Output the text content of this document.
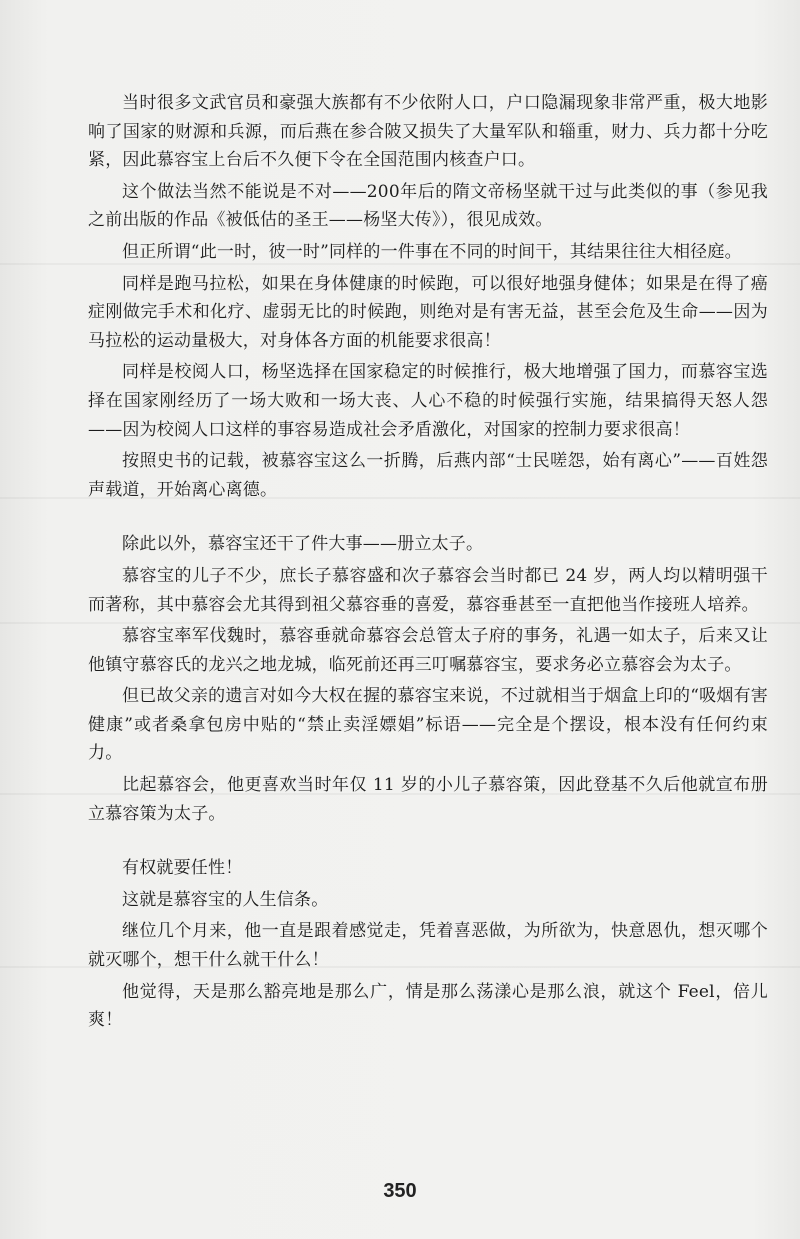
当时很多文武官员和豪强大族都有不少依附人口，户口隐漏现象非常严重，极大地影响了国家的财源和兵源，而后燕在参合陂又损失了大量军队和辎重，财力、兵力都十分吃紧，因此慕容宝上台后不久便下令在全国范围内核查户口。

这个做法当然不能说是不对——200年后的隋文帝杨坚就干过与此类似的事（参见我之前出版的作品《被低估的圣王——杨坚大传》），很见成效。

但正所谓“此一时，彼一时”同样的一件事在不同的时间干，其结果往往大相径庭。

同样是跑马拉松，如果在身体健康的时候跑，可以很好地强身健体；如果是在得了癌症刚做完手术和化疗、虚弱无比的时候跑，则绝对是有害无益，甚至会危及生命——因为马拉松的运动量极大，对身体各方面的机能要求很高！

同样是校阅人口，杨坚选择在国家稳定的时候推行，极大地增强了国力，而慕容宝选择在国家刚经历了一场大败和一场大丧、人心不稳的时候强行实施，结果搞得天怒人怨——因为校阅人口这样的事容易造成社会矛盾激化，对国家的控制力要求很高！

按照史书的记载，被慕容宝这么一折腾，后燕内部“士民嗟怨，始有离心”——百姓怨声载道，开始离心离德。

除此以外，慕容宝还干了件大事——册立太子。

慕容宝的儿子不少，庶长子慕容盛和次子慕容会当时都已 24 岁，两人均以精明强干而著称，其中慕容会尤其得到祖父慕容垂的喜爱，慕容垂甚至一直把他当作接班人培养。

慕容宝率军伐魏时，慕容垂就命慕容会总管太子府的事务，礼遇一如太子，后来又让他镇守慕容氏的龙兴之地龙城，临死前还再三叮嘱慕容宝，要求务必立慕容会为太子。

但已故父亲的遗言对如今大权在握的慕容宝来说，不过就相当于烟盒上印的“吸烟有害健康”或者桑拿包房中贴的“禁止卖淫嫖娼”标语——完全是个摆设，根本没有任何约束力。

比起慕容会，他更喜欢当时年仅 11 岁的小儿子慕容策，因此登基不久后他就宣布册立慕容策为太子。

有权就要任性！

这就是慕容宝的人生信条。

继位几个月来，他一直是跟着感觉走，凭着喜恶做，为所欲为，快意恩仇，想灭哪个就灭哪个，想干什么就干什么！

他觉得，天是那么豁亮地是那么广，情是那么荡漾心是那么浪，就这个 Feel，倍儿爽！

350
